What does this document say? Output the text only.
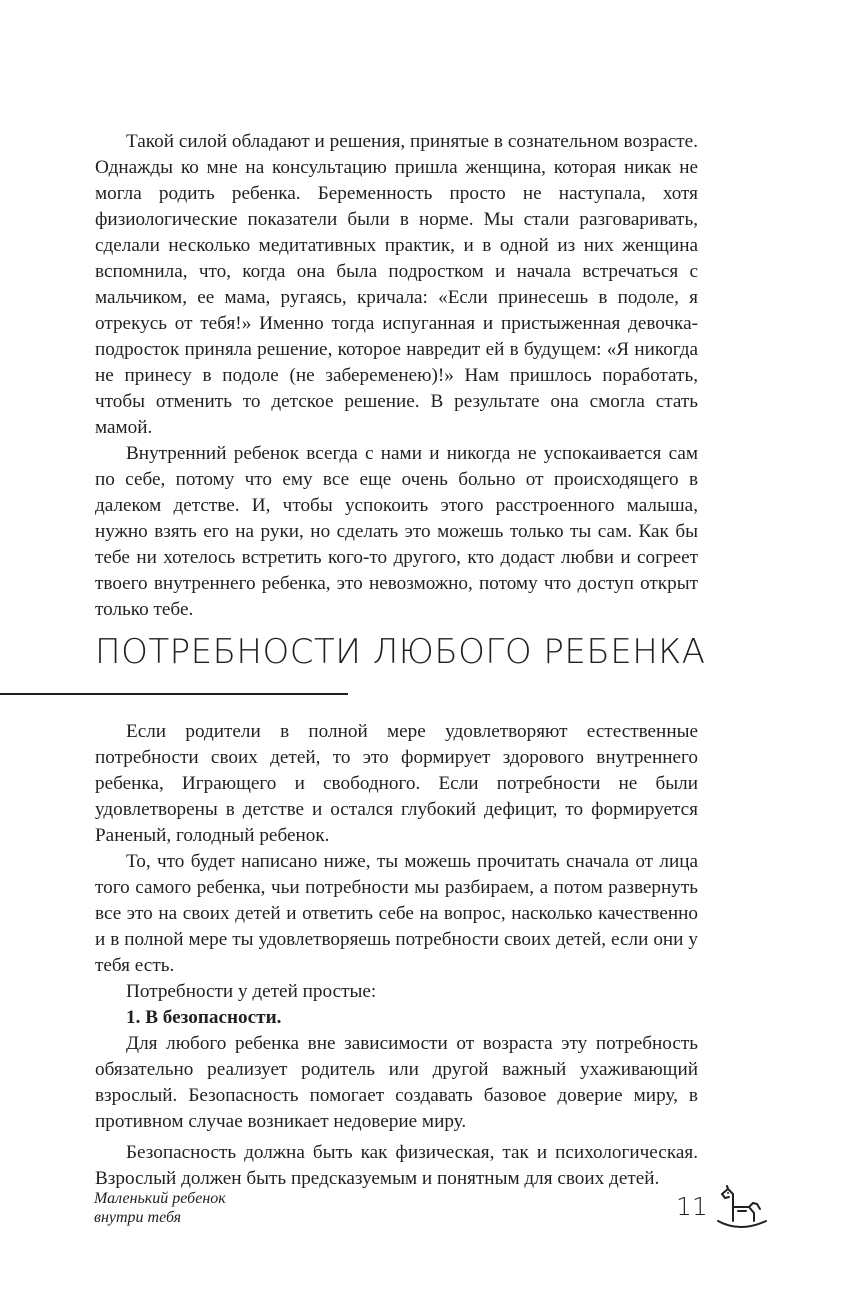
Такой силой обладают и решения, принятые в сознательном возрасте. Однажды ко мне на консультацию пришла женщина, которая никак не могла родить ребенка. Беременность просто не наступала, хотя физиологические показатели были в норме. Мы стали разговаривать, сделали несколько медитативных практик, и в одной из них женщина вспомнила, что, когда она была подростком и начала встречаться с мальчиком, ее мама, ругаясь, кричала: «Если принесешь в подоле, я отрекусь от тебя!» Именно тогда испуганная и пристыженная девочка-подросток приняла решение, которое навредит ей в будущем: «Я никогда не принесу в подоле (не забеременею)!» Нам пришлось поработать, чтобы отменить то детское решение. В результате она смогла стать мамой.

Внутренний ребенок всегда с нами и никогда не успокаивается сам по себе, потому что ему все еще очень больно от происходящего в далеком детстве. И, чтобы успокоить этого расстроенного малыша, нужно взять его на руки, но сделать это можешь только ты сам. Как бы тебе ни хотелось встретить кого-то другого, кто додаст любви и согреет твоего внутреннего ребенка, это невозможно, потому что доступ открыт только тебе.

ПОТРЕБНОСТИ ЛЮБОГО РЕБЕНКА

Если родители в полной мере удовлетворяют естественные потребности своих детей, то это формирует здорового внутреннего ребенка, Играющего и свободного. Если потребности не были удовлетворены в детстве и остался глубокий дефицит, то формируется Раненый, голодный ребенок.

То, что будет написано ниже, ты можешь прочитать сначала от лица того самого ребенка, чьи потребности мы разбираем, а потом развернуть все это на своих детей и ответить себе на вопрос, насколько качественно и в полной мере ты удовлетворяешь потребности своих детей, если они у тебя есть.

Потребности у детей простые:

1. В безопасности.

Для любого ребенка вне зависимости от возраста эту потребность обязательно реализует родитель или другой важный ухаживающий взрослый. Безопасность помогает создавать базовое доверие миру, в противном случае возникает недоверие миру.

Безопасность должна быть как физическая, так и психологическая. Взрослый должен быть предсказуемым и понятным для своих детей.

Маленький ребенок
внутри тебя	11
